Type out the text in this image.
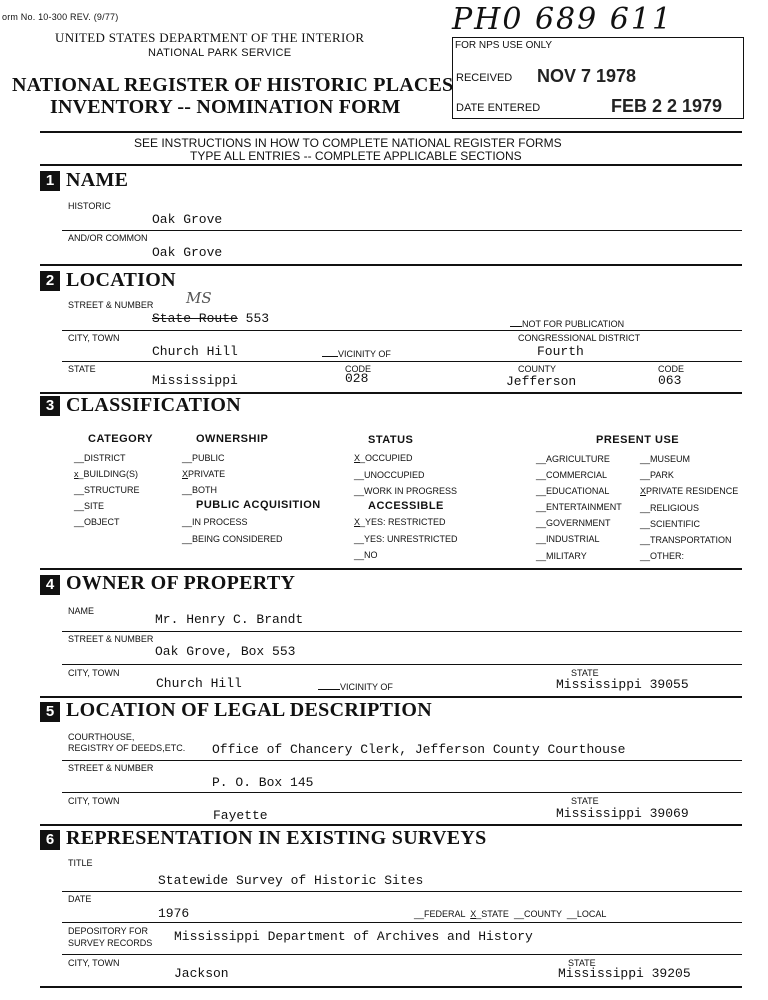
orm No. 10-300 REV. (9/77)
UNITED STATES DEPARTMENT OF THE INTERIOR
NATIONAL PARK SERVICE
NATIONAL REGISTER OF HISTORIC PLACES
INVENTORY -- NOMINATION FORM
PH0 689 611
FOR NPS USE ONLY
RECEIVED NOV 7 1978
DATE ENTERED	FEB 2 2 1979
SEE INSTRUCTIONS IN HOW TO COMPLETE NATIONAL REGISTER FORMS
TYPE ALL ENTRIES -- COMPLETE APPLICABLE SECTIONS
1 NAME
HISTORIC
Oak Grove
AND/OR COMMON
Oak Grove
2 LOCATION
STREET & NUMBER MS
State Route 553	NOT FOR PUBLICATION
CITY, TOWN	CONGRESSIONAL DISTRICT
Church Hill	VICINITY OF	Fourth
STATE	CODE	COUNTY	CODE
Mississippi	028	Jefferson	063
3 CLASSIFICATION
CATEGORY
__DISTRICT
x_BUILDING(S)
__STRUCTURE
__SITE
__OBJECT
OWNERSHIP
__PUBLIC
XPRIVATE
__BOTH
PUBLIC ACQUISITION
__IN PROCESS
__BEING CONSIDERED
STATUS
X_OCCUPIED
__UNOCCUPIED
__WORK IN PROGRESS
ACCESSIBLE
X_YES: RESTRICTED
__YES: UNRESTRICTED
__NO
PRESENT USE
__AGRICULTURE
__COMMERCIAL
__EDUCATIONAL
__ENTERTAINMENT
__GOVERNMENT
__INDUSTRIAL
__MILITARY
__MUSEUM
__PARK
XPRIVATE RESIDENCE
__RELIGIOUS
__SCIENTIFIC
__TRANSPORTATION
__OTHER:
4 OWNER OF PROPERTY
NAME
Mr. Henry C. Brandt
STREET & NUMBER
Oak Grove, Box 553
CITY, TOWN	STATE
Church Hill	VICINITY OF	Mississippi 39055
5 LOCATION OF LEGAL DESCRIPTION
COURTHOUSE,
REGISTRY OF DEEDS,ETC. Office of Chancery Clerk, Jefferson County Courthouse
STREET & NUMBER
P. O. Box 145
CITY, TOWN	STATE
Fayette	Mississippi 39069
6 REPRESENTATION IN EXISTING SURVEYS
TITLE
Statewide Survey of Historic Sites
DATE
1976	__FEDERAL X_STATE __COUNTY __LOCAL
DEPOSITORY FOR
SURVEY RECORDS Mississippi Department of Archives and History
CITY, TOWN	STATE
Jackson	Mississippi 39205
